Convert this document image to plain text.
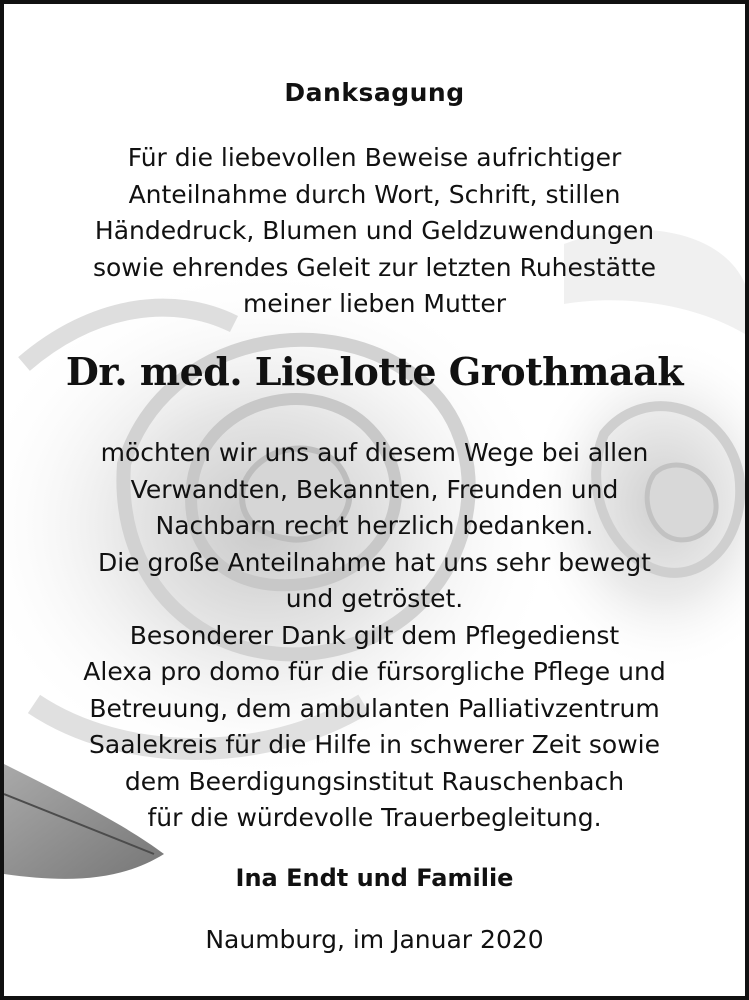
Danksagung
Für die liebevollen Beweise aufrichtiger
Anteilnahme durch Wort, Schrift, stillen
Händedruck, Blumen und Geldzuwendungen
sowie ehrendes Geleit zur letzten Ruhestätte
meiner lieben Mutter
Dr. med. Liselotte Grothmaak
möchten wir uns auf diesem Wege bei allen
Verwandten, Bekannten, Freunden und
Nachbarn recht herzlich bedanken.
Die große Anteilnahme hat uns sehr bewegt
und getröstet.
Besonderer Dank gilt dem Pflegedienst
Alexa pro domo für die fürsorgliche Pflege und
Betreuung, dem ambulanten Palliativzentrum
Saalekreis für die Hilfe in schwerer Zeit sowie
dem Beerdigungsinstitut Rauschenbach
für die würdevolle Trauerbegleitung.
Ina Endt und Familie
Naumburg, im Januar 2020
